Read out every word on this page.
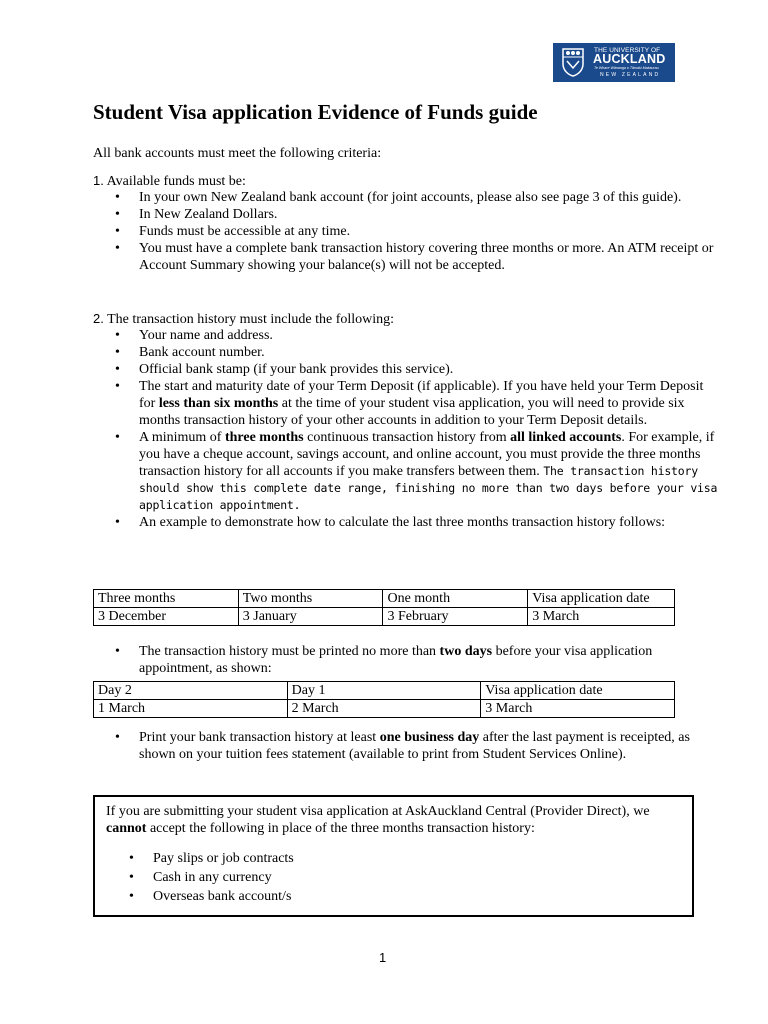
THE UNIVERSITY OF
AUCKLAND
Te Whare Wānanga o Tāmaki Makaurau
NEW ZEALAND
Student Visa application Evidence of Funds guide
All bank accounts must meet the following criteria:
1. Available funds must be:
• In your own New Zealand bank account (for joint accounts, please also see page 3 of this guide).
• In New Zealand Dollars.
• Funds must be accessible at any time.
• You must have a complete bank transaction history covering three months or more. An ATM receipt or Account Summary showing your balance(s) will not be accepted.
2. The transaction history must include the following:
• Your name and address.
• Bank account number.
• Official bank stamp (if your bank provides this service).
• The start and maturity date of your Term Deposit (if applicable). If you have held your Term Deposit for less than six months at the time of your student visa application, you will need to provide six months transaction history of your other accounts in addition to your Term Deposit details.
• A minimum of three months continuous transaction history from all linked accounts. For example, if you have a cheque account, savings account, and online account, you must provide the three months transaction history for all accounts if you make transfers between them. The transaction history should show this complete date range, finishing no more than two days before your visa application appointment.
• An example to demonstrate how to calculate the last three months transaction history follows:
Three months	Two months	One month	Visa application date
3 December	3 January	3 February	3 March
• The transaction history must be printed no more than two days before your visa application appointment, as shown:
Day 2	Day 1	Visa application date
1 March	2 March	3 March
• Print your bank transaction history at least one business day after the last payment is receipted, as shown on your tuition fees statement (available to print from Student Services Online).
If you are submitting your student visa application at AskAuckland Central (Provider Direct), we cannot accept the following in place of the three months transaction history:
• Pay slips or job contracts
• Cash in any currency
• Overseas bank account/s
1
